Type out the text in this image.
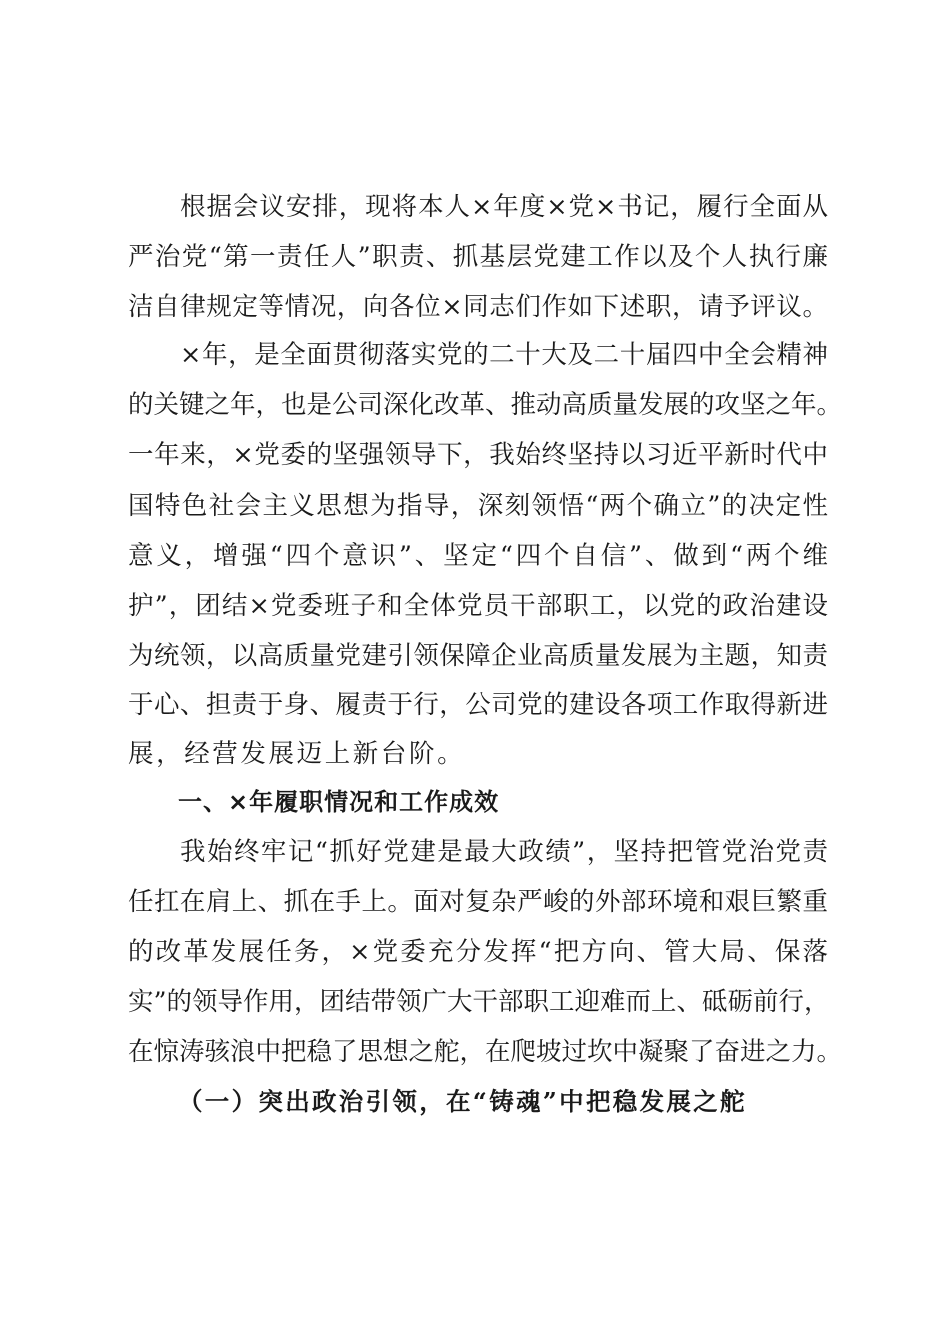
根据会议安排，现将本人×年度×党×书记，履行全面从
严治党“第一责任人”职责、抓基层党建工作以及个人执行廉
洁自律规定等情况，向各位×同志们作如下述职，请予评议。
×年，是全面贯彻落实党的二十大及二十届四中全会精神
的关键之年，也是公司深化改革、推动高质量发展的攻坚之年。
一年来，×党委的坚强领导下，我始终坚持以习近平新时代中
国特色社会主义思想为指导，深刻领悟“两个确立”的决定性
意义，增强“四个意识”、坚定“四个自信”、做到“两个维
护”，团结×党委班子和全体党员干部职工，以党的政治建设
为统领，以高质量党建引领保障企业高质量发展为主题，知责
于心、担责于身、履责于行，公司党的建设各项工作取得新进
展，经营发展迈上新台阶。
一、×年履职情况和工作成效
我始终牢记“抓好党建是最大政绩”，坚持把管党治党责
任扛在肩上、抓在手上。面对复杂严峻的外部环境和艰巨繁重
的改革发展任务，×党委充分发挥“把方向、管大局、保落
实”的领导作用，团结带领广大干部职工迎难而上、砥砺前行，
在惊涛骇浪中把稳了思想之舵，在爬坡过坎中凝聚了奋进之力。
（一）突出政治引领，在“铸魂”中把稳发展之舵
